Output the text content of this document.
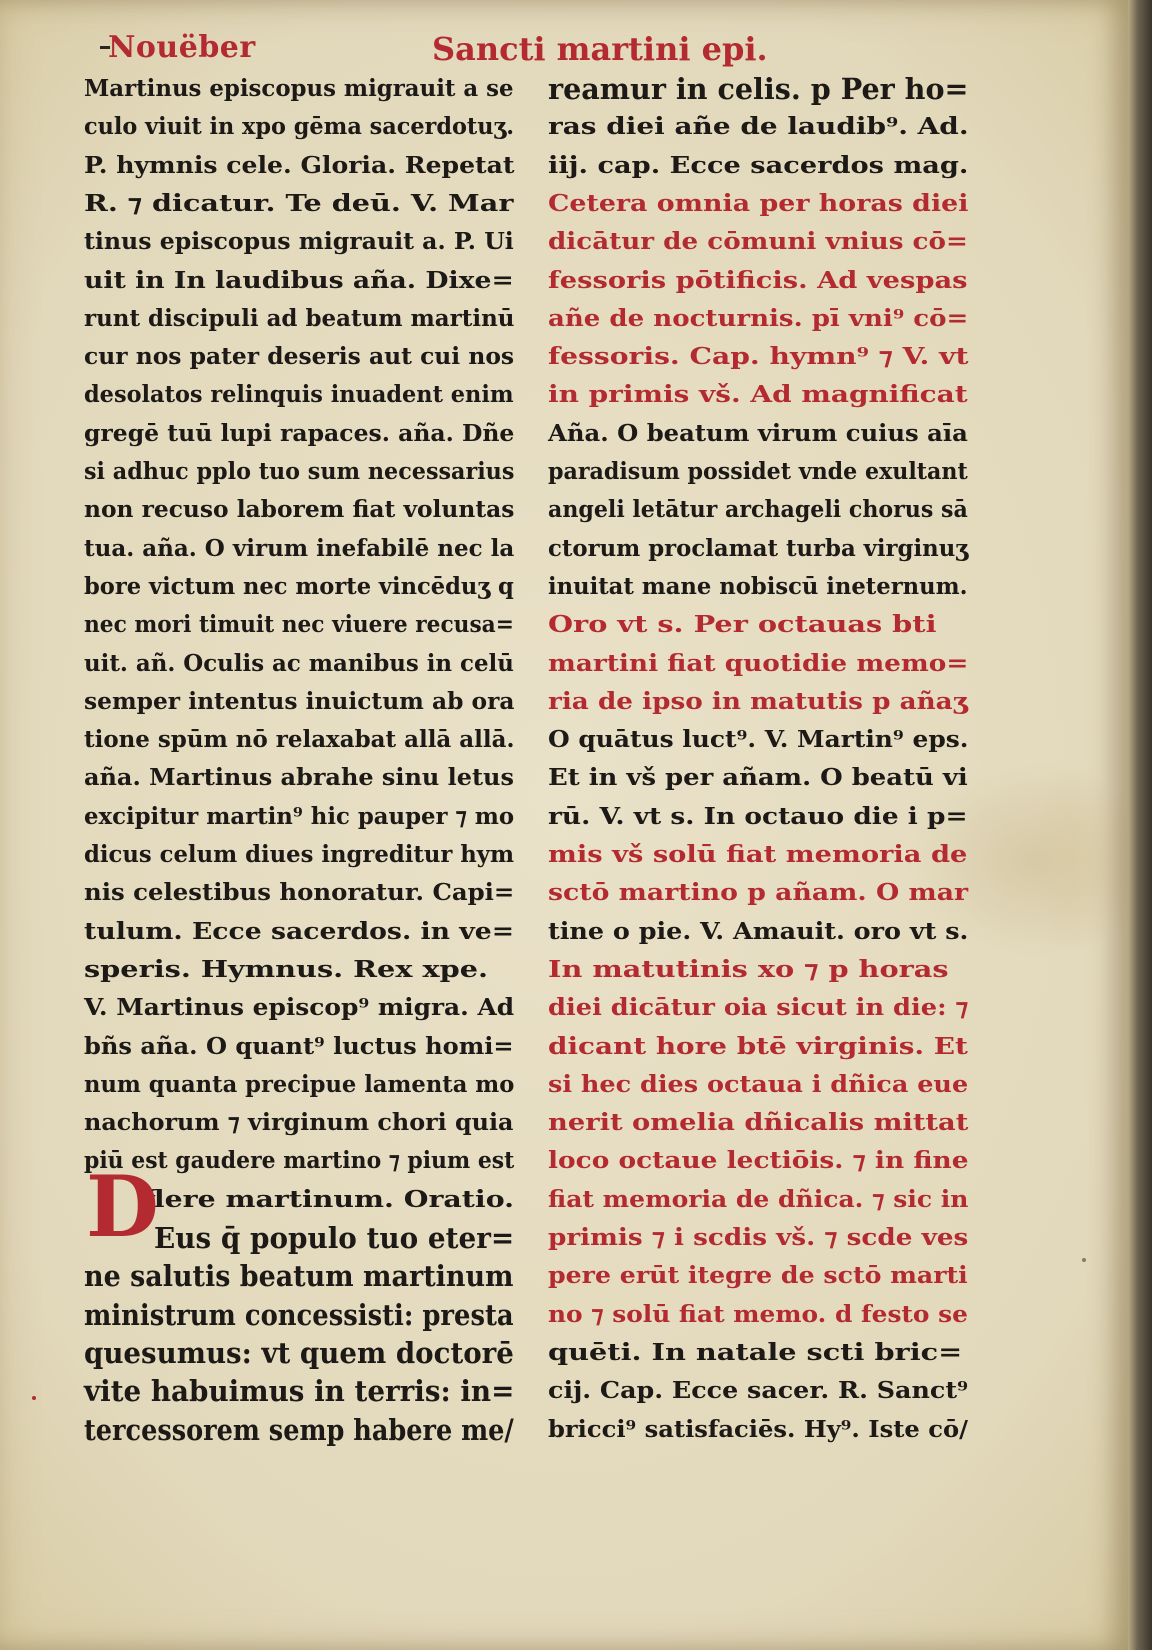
Nouëber	Sancti martini epi.
Martinus episcopus migrauit a se
culo viuit in xpo gēma sacerdotuʒ.
P. hymnis cele. Gloria. Repetat
R. ⁊ dicatur. Te deū. V. Mar
tinus episcopus migrauit a. P. Ui
uit in In laudibus aña. Dixe=
runt discipuli ad beatum martinū
cur nos pater deseris aut cui nos
desolatos relinquis inuadent enim
gregē tuū lupi rapaces. aña. Dñe
si adhuc pplo tuo sum necessarius
non recuso laborem fiat voluntas
tua. aña. O virum inefabilē nec la
bore victum nec morte vincēduʒ q
nec mori timuit nec viuere recusa=
uit. añ. Oculis ac manibus in celū
semper intentus inuictum ab ora
tione spūm nō relaxabat allā allā.
aña. Martinus abrahe sinu letus
excipitur martin⁹ hic pauper ⁊ mo
dicus celum diues ingreditur hym
nis celestibus honoratur. Capi=
tulum. Ecce sacerdos. in ve=
speris. Hymnus. Rex xpe.
V. Martinus episcop⁹ migra. Ad
bñs aña. O quant⁹ luctus homi=
num quanta precipue lamenta mo
nachorum ⁊ virginum chori quia
piū est gaudere martino ⁊ pium est
flere martinum. Oratio.
Eus q̄ populo tuo eter=
ne salutis beatum martinum
ministrum concessisti: presta
quesumus: vt quem doctorē
vite habuimus in terris: in=
tercessorem semp habere me/
D
reamur in celis. p Per ho=
ras diei añe de laudib⁹. Ad.
iij. cap. Ecce sacerdos mag.
Cetera omnia per horas diei
dicātur de cōmuni vnius cō=
fessoris pōtificis. Ad vespas
añe de nocturnis. pī vni⁹ cō=
fessoris. Cap. hymn⁹ ⁊ V. vt
in primis vš. Ad magnificat
Aña. O beatum virum cuius aīa
paradisum possidet vnde exultant
angeli letātur archageli chorus sā
ctorum proclamat turba virginuʒ
inuitat mane nobiscū ineternum.
Oro vt s. Per octauas bti
martini fiat quotidie memo=
ria de ipso in matutis p añaʒ
O quātus luct⁹. V. Martin⁹ eps.
Et in vš per añam. O beatū vi
rū. V. vt s. In octauo die i p=
mis vš solū fiat memoria de
sctō martino p añam. O mar
tine o pie. V. Amauit. oro vt s.
In matutinis xo ⁊ p horas
diei dicātur oia sicut in die: ⁊
dicant hore btē virginis. Et
si hec dies octaua i dñica eue
nerit omelia dñicalis mittat
loco octaue lectiōis. ⁊ in fine
fiat memoria de dñica. ⁊ sic in
primis ⁊ i scdis vš. ⁊ scde ves
pere erūt itegre de sctō marti
no ⁊ solū fiat memo. d festo se
quēti. In natale scti bric=
cij. Cap. Ecce sacer. R. Sanct⁹
bricci⁹ satisfaciēs. Hy⁹. Iste cō/
